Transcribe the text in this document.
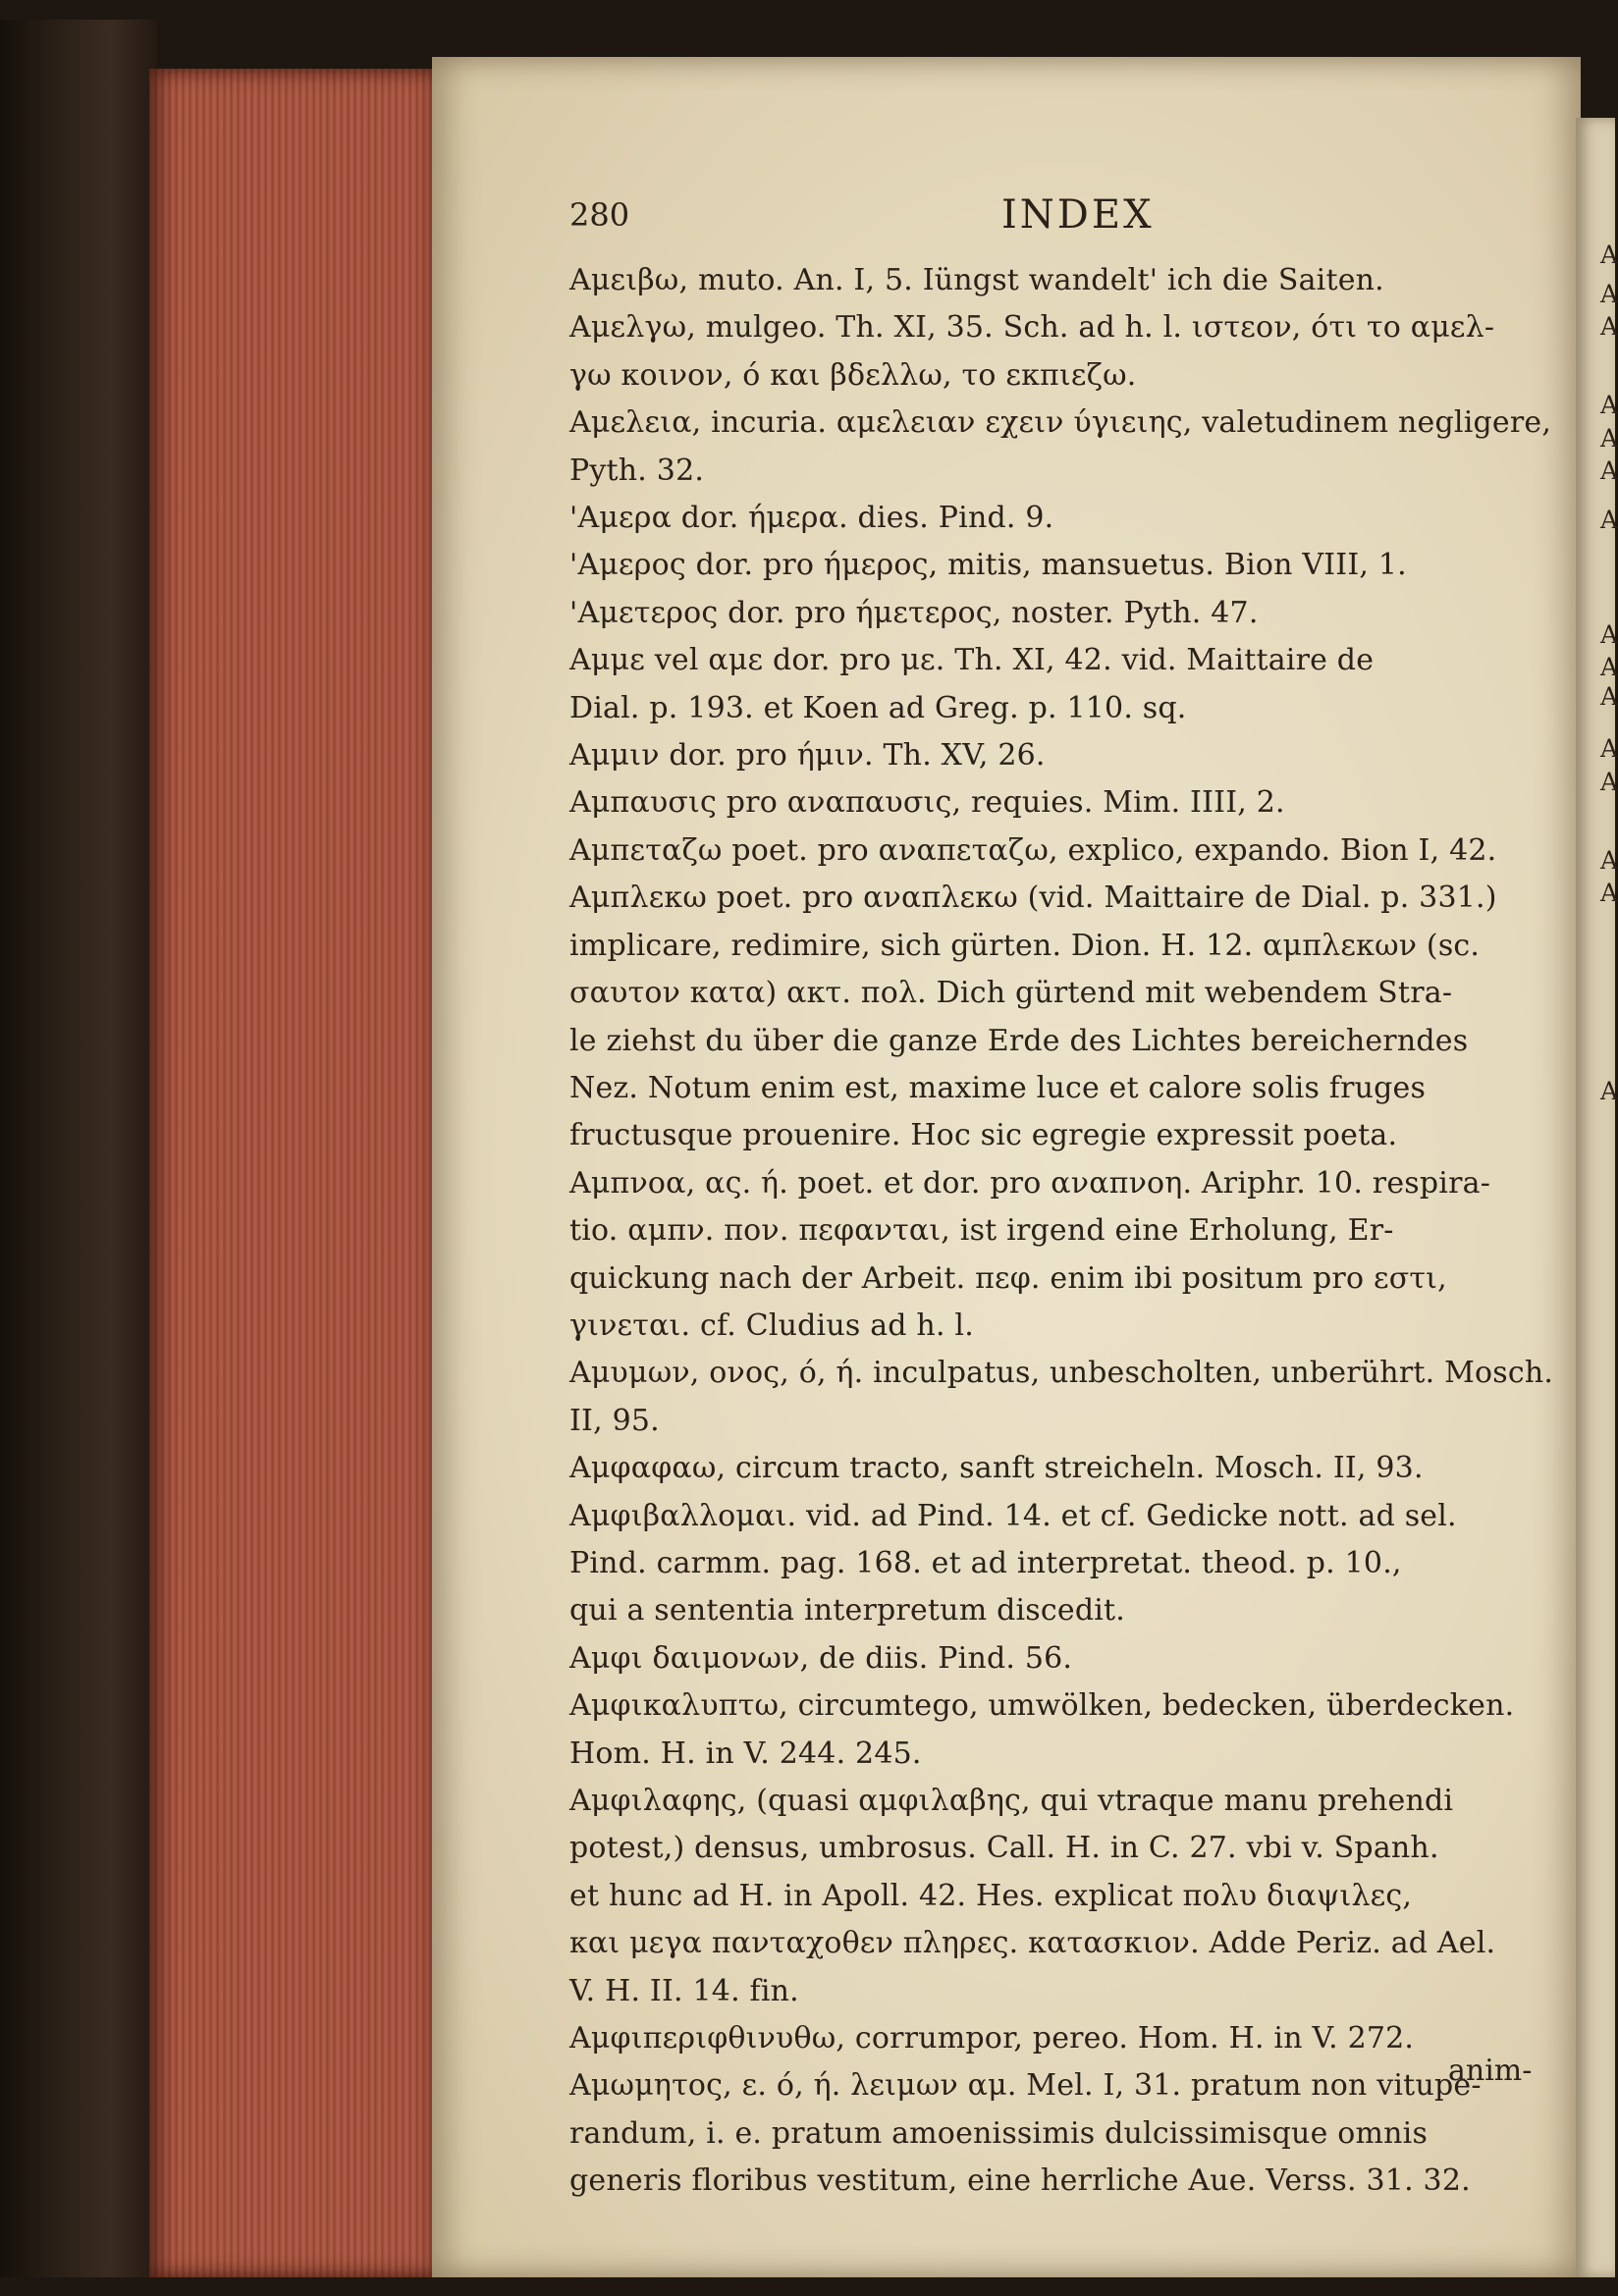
A
A
A
A
A
A
A
A
A
A
A
A
A
A
A
280	INDEX
Αμειβω, muto. An. I, 5. Iüngst wandelt' ich die Saiten.
Αμελγω, mulgeo. Th. XI, 35. Sch. ad h. l. ιστεον, ότι το αμελ-
γω κοινον, ό και βδελλω, το εκπιεζω.
Αμελεια, incuria. αμελειαν εχειν ύγιειης, valetudinem negligere,
Pyth. 32.
'Αμερα dor. ήμερα. dies. Pind. 9.
'Αμερος dor. pro ήμερος, mitis, mansuetus. Bion VIII, 1.
'Αμετερος dor. pro ήμετερος, noster. Pyth. 47.
Αμμε vel αμε dor. pro με. Th. XI, 42. vid. Maittaire de
Dial. p. 193. et Koen ad Greg. p. 110. sq.
Αμμιν dor. pro ήμιν. Th. XV, 26.
Αμπαυσις pro αναπαυσις, requies. Mim. IIII, 2.
Αμπεταζω poet. pro αναπεταζω, explico, expando. Bion I, 42.
Αμπλεκω poet. pro αναπλεκω (vid. Maittaire de Dial. p. 331.)
implicare, redimire, sich gürten. Dion. H. 12. αμπλεκων (sc.
σαυτον κατα) ακτ. πολ. Dich gürtend mit webendem Stra-
le ziehst du über die ganze Erde des Lichtes bereicherndes
Nez. Notum enim est, maxime luce et calore solis fruges
fructusque prouenire. Hoc sic egregie expressit poeta.
Αμπνοα, ας. ή. poet. et dor. pro αναπνοη. Ariphr. 10. respira-
tio. αμπν. πον. πεφανται, ist irgend eine Erholung, Er-
quickung nach der Arbeit. πεφ. enim ibi positum pro εστι,
γινεται. cf. Cludius ad h. l.
Αμυμων, ονος, ό, ή. inculpatus, unbescholten, unberührt. Mosch.
II, 95.
Αμφαφαω, circum tracto, sanft streicheln. Mosch. II, 93.
Αμφιβαλλομαι. vid. ad Pind. 14. et cf. Gedicke nott. ad sel.
Pind. carmm. pag. 168. et ad interpretat. theod. p. 10.,
qui a sententia interpretum discedit.
Αμφι δαιμονων, de diis. Pind. 56.
Αμφικαλυπτω, circumtego, umwölken, bedecken, überdecken.
Hom. H. in V. 244. 245.
Αμφιλαφης, (quasi αμφιλαβης, qui vtraque manu prehendi
potest,) densus, umbrosus. Call. H. in C. 27. vbi v. Spanh.
et hunc ad H. in Apoll. 42. Hes. explicat πολυ διαψιλες,
και μεγα πανταχοθεν πληρες. κατασκιον. Adde Periz. ad Ael.
V. H. II. 14. fin.
Αμφιπεριφθινυθω, corrumpor, pereo. Hom. H. in V. 272.
Αμωμητος, ε. ό, ή. λειμων αμ. Mel. I, 31. pratum non vitupe-
randum, i. e. pratum amoenissimis dulcissimisque omnis
generis floribus vestitum, eine herrliche Aue. Verss. 31. 32.
anim-
